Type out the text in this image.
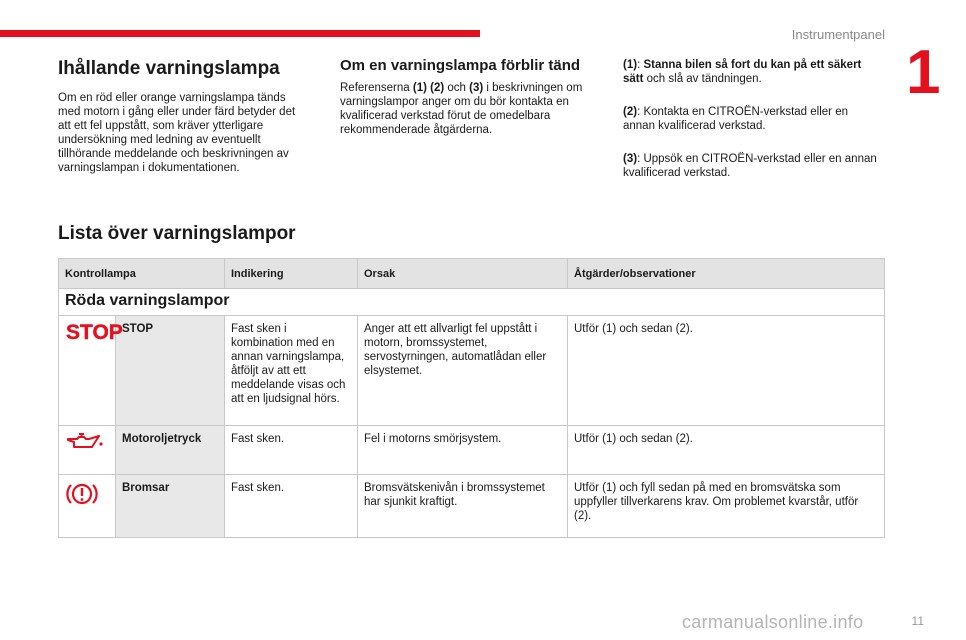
Instrumentpanel
1
Ihållande varningslampa

Om en röd eller orange varningslampa tänds med motorn i gång eller under färd betyder det att ett fel uppstått, som kräver ytterligare undersökning med ledning av eventuellt tillhörande meddelande och beskrivningen av varningslampan i dokumentationen.

Om en varningslampa förblir tänd

Referenserna (1) (2) och (3) i beskrivningen om varningslampor anger om du bör kontakta en kvalificerad verkstad förut de omedelbara rekommenderade åtgärderna.

(1): Stanna bilen så fort du kan på ett säkert sätt och slå av tändningen.

(2): Kontakta en CITROËN-verkstad eller en annan kvalificerad verkstad.

(3): Uppsök en CITROËN-verkstad eller en annan kvalificerad verkstad.

Lista över varningslampor
Kontrollampa		Indikering	Orsak	Åtgärder/observationer
Röda varningslampor				

STOP	STOP	Fast sken i kombination med en annan varningslampa, åtföljt av att ett meddelande visas och att en ljudsignal hörs.	Anger att ett allvarligt fel uppstått i motorn, bromssystemet, servostyrningen, automatlådan eller elsystemet.	Utför (1) och sedan (2).
	Motoroljetryck	Fast sken.	Fel i motorns smörjsystem.	Utför (1) och sedan (2).
	Bromsar	Fast sken.	Bromsvätskenivån i bromssystemet har sjunkit kraftigt.	Utför (1) och fyll sedan på med en bromsvätska som uppfyller tillverkarens krav. Om problemet kvarstår, utför (2).
carmanualsonline.info	11
